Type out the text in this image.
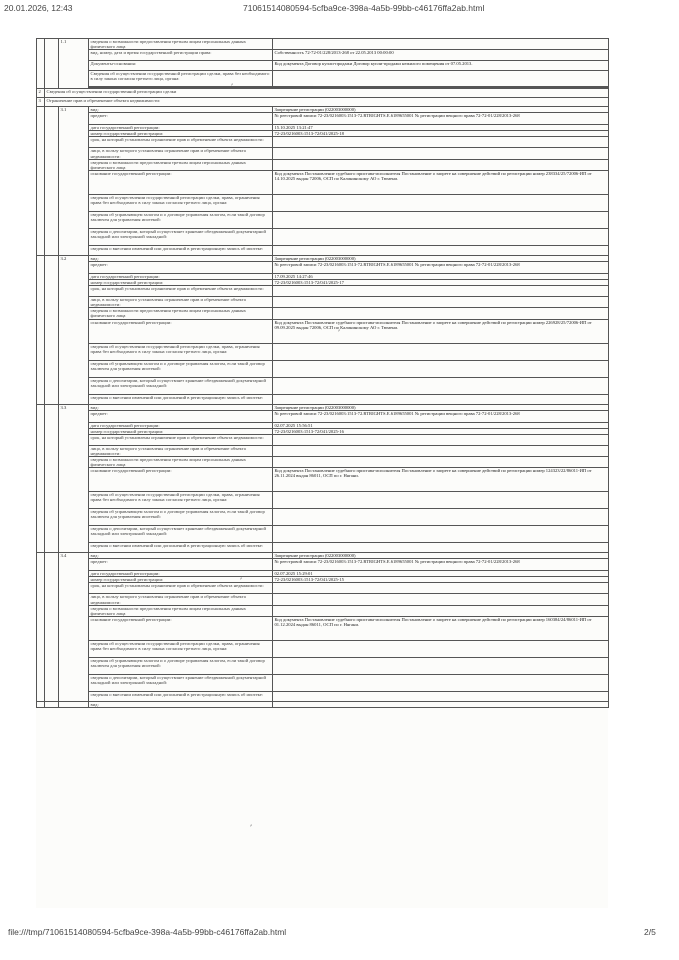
20.01.2026, 12:43	71061514080594-5cfba9ce-398a-4a5b-99bb-c46176ffa2ab.html
		1.1	сведения о возможности предоставления третьим лицам персональных данных физического лица	
			вид, номер, дата и время государственной регистрации права:	Собственность 72-72-01/228/2013-268 от 22.05.2013 00:00:00
			Документы-основания:	Код документа Договор купли-продажи Договор купли-продажи нежилого помещения от 07.05.2013.
			Сведения об осуществлении государственной регистрации сделки, права без необходимого в силу закона согласия третьего лица, органа:	

2	Сведения об осуществлении государственной регистрации сделки			
3	Ограничение прав и обременение объекта недвижимости:			
		3.1	вид:	Запрещение регистрации (022003000000)
			предмет:	№ реестровой записи 72-23/0216003:1513-72.RTRIGHTS.E.6189655001 № регистрации вещного права 72-72-01/228/2013-268
			дата государственной регистрации:	15.10.2025 13:21:47
			номер государственной регистрации:	72-23/0216003:1513-72/041/2025-18
			срок, на который установлены ограничение прав и обременение объекта недвижимости:	
			лицо, в пользу которого установлены ограничение прав и обременение объекта недвижимости:	
			сведения о возможности предоставления третьим лицам персональных данных физического лица	
			основание государственной регистрации:	Код документа Постановление судебного пристава-исполнителя Постановление о запрете на совершение действий по регистрации номер 238334/25/72006-ИП от 14.10.2025 выдан 72006, ОСП по Калининскому АО г. Тюмени.
			сведения об осуществлении государственной регистрации сделки, права, ограничения права без необходимого в силу закона согласия третьего лица, органа:	
			сведения об управляющем залогом и о договоре управления залогом, если такой договор заключен для управления ипотекой:	
			сведения о депозитарии, который осуществляет хранение обездвиженной документарной закладной или электронной закладной:	
			сведения о внесении изменений или дополнений в регистрационную запись об ипотеке:	
		3.2	вид:	Запрещение регистрации (022003000000)
			предмет:	№ реестровой записи 72-23/0216003:1513-72.RTRIGHTS.E.6189655001 № регистрации вещного права 72-72-01/228/2013-268
			дата государственной регистрации:	17.09.2025 14:27:46
			номер государственной регистрации:	72-23/0216003:1513-72/041/2025-17
			срок, на который установлены ограничение прав и обременение объекта недвижимости:	
			лицо, в пользу которого установлены ограничение прав и обременение объекта недвижимости:	
			сведения о возможности предоставления третьим лицам персональных данных физического лица	
			основание государственной регистрации:	Код документа Постановление судебного пристава-исполнителя Постановление о запрете на совершение действий по регистрации номер 226928/25/72006-ИП от 09.09.2025 выдан 72006, ОСП по Калининскому АО г. Тюмени.
			сведения об осуществлении государственной регистрации сделки, права, ограничения права без необходимого в силу закона согласия третьего лица, органа:	
			сведения об управляющем залогом и о договоре управления залогом, если такой договор заключен для управления ипотекой:	
			сведения о депозитарии, который осуществляет хранение обездвиженной документарной закладной или электронной закладной:	
			сведения о внесении изменений или дополнений в регистрационную запись об ипотеке:	
		3.3	вид:	Запрещение регистрации (022003000000)
			предмет:	№ реестровой записи 72-23/0216003:1513-72.RTRIGHTS.E.6189655001 № регистрации вещного права 72-72-01/228/2013-268
			дата государственной регистрации:	02.07.2025 15:56:51
			номер государственной регистрации:	72-23/0216003:1513-72/041/2025-16
			срок, на который установлены ограничение прав и обременение объекта недвижимости:	
			лицо, в пользу которого установлены ограничение прав и обременение объекта недвижимости:	
			сведения о возможности предоставления третьим лицам персональных данных физического лица	
			основание государственной регистрации:	Код документа Постановление судебного пристава-исполнителя Постановление о запрете на совершение действий по регистрации номер 124323/22/86011-ИП от 26.11.2024 выдан 86011, ОСП по г. Нягани.
			сведения об осуществлении государственной регистрации сделки, права, ограничения права без необходимого в силу закона согласия третьего лица, органа:	
			сведения об управляющем залогом и о договоре управления залогом, если такой договор заключен для управления ипотекой:	
			сведения о депозитарии, который осуществляет хранение обездвиженной документарной закладной или электронной закладной:	
			сведения о внесении изменений или дополнений в регистрационную запись об ипотеке:	
		3.4	вид:	Запрещение регистрации (022003000000)
			предмет:	№ реестровой записи 72-23/0216003:1513-72.RTRIGHTS.E.6189655001 № регистрации вещного права 72-72-01/228/2013-268
			дата государственной регистрации:	02.07.2025 15:29:01
			номер государственной регистрации:	72-23/0216003:1513-72/041/2025-15
			срок, на который установлены ограничение прав и обременение объекта недвижимости:	
			лицо, в пользу которого установлены ограничение прав и обременение объекта недвижимости:	
			сведения о возможности предоставления третьим лицам персональных данных физического лица	
			основание государственной регистрации:	Код документа Постановление судебного пристава-исполнителя Постановление о запрете на совершение действий по регистрации номер 160384/24/86011-ИП от 01.12.2024 выдан 86011, ОСП по г. Нягани.
			сведения об осуществлении государственной регистрации сделки, права, ограничения права без необходимого в силу закона согласия третьего лица, органа:	
			сведения об управляющем залогом и о договоре управления залогом, если такой договор заключен для управления ипотекой:	
			сведения о депозитарии, который осуществляет хранение обездвиженной документарной закладной или электронной закладной:	
			сведения о внесении изменений или дополнений в регистрационную запись об ипотеке:	
			вид:	
⸗
⸗
⸗
⸗
file:///tmp/71061514080594-5cfba9ce-398a-4a5b-99bb-c46176ffa2ab.html	2/5
